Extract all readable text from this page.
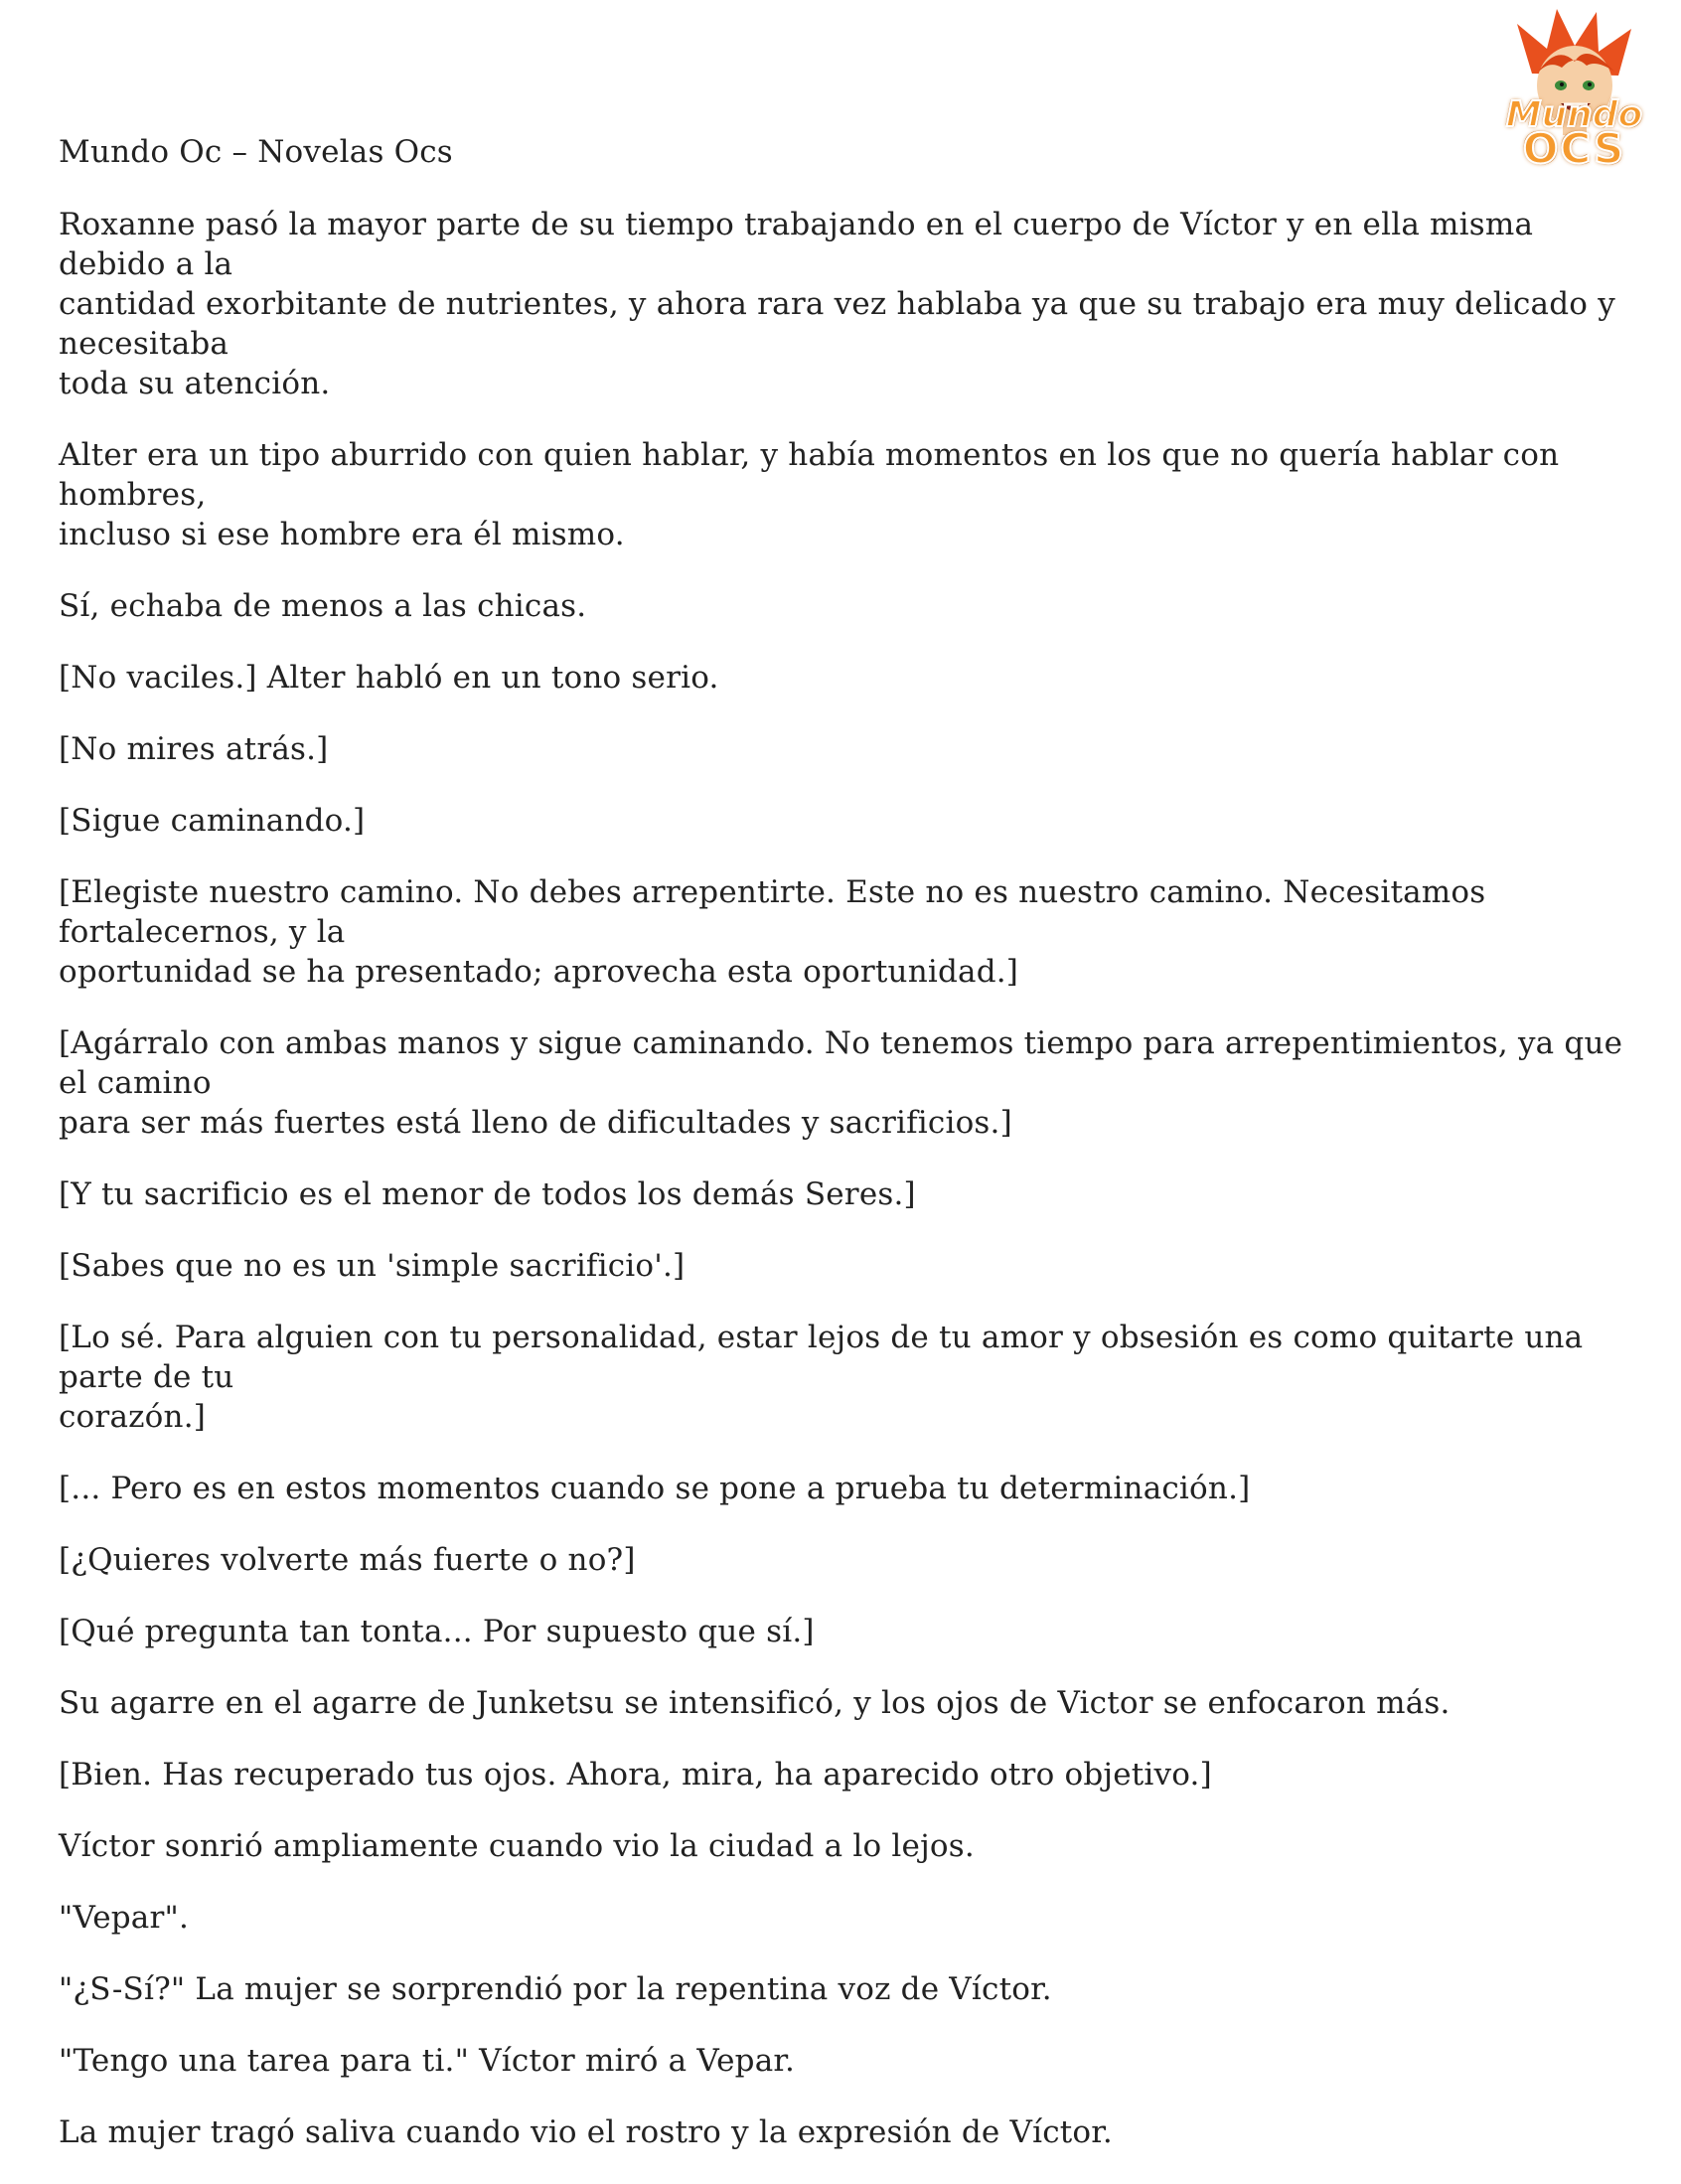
Mundo
OCS

Mundo Oc – Novelas Ocs

Roxanne pasó la mayor parte de su tiempo trabajando en el cuerpo de Víctor y en ella misma debido a la
cantidad exorbitante de nutrientes, y ahora rara vez hablaba ya que su trabajo era muy delicado y necesitaba
toda su atención.

Alter era un tipo aburrido con quien hablar, y había momentos en los que no quería hablar con hombres,
incluso si ese hombre era él mismo.

Sí, echaba de menos a las chicas.

[No vaciles.] Alter habló en un tono serio.

[No mires atrás.]

[Sigue caminando.]

[Elegiste nuestro camino. No debes arrepentirte. Este no es nuestro camino. Necesitamos fortalecernos, y la
oportunidad se ha presentado; aprovecha esta oportunidad.]

[Agárralo con ambas manos y sigue caminando. No tenemos tiempo para arrepentimientos, ya que el camino
para ser más fuertes está lleno de dificultades y sacrificios.]

[Y tu sacrificio es el menor de todos los demás Seres.]

[Sabes que no es un 'simple sacrificio'.]

[Lo sé. Para alguien con tu personalidad, estar lejos de tu amor y obsesión es como quitarte una parte de tu
corazón.]

[... Pero es en estos momentos cuando se pone a prueba tu determinación.]

[¿Quieres volverte más fuerte o no?]

[Qué pregunta tan tonta... Por supuesto que sí.]

Su agarre en el agarre de Junketsu se intensificó, y los ojos de Victor se enfocaron más.

[Bien. Has recuperado tus ojos. Ahora, mira, ha aparecido otro objetivo.]

Víctor sonrió ampliamente cuando vio la ciudad a lo lejos.

"Vepar".

"¿S-Sí?" La mujer se sorprendió por la repentina voz de Víctor.

"Tengo una tarea para ti." Víctor miró a Vepar.

La mujer tragó saliva cuando vio el rostro y la expresión de Víctor.
